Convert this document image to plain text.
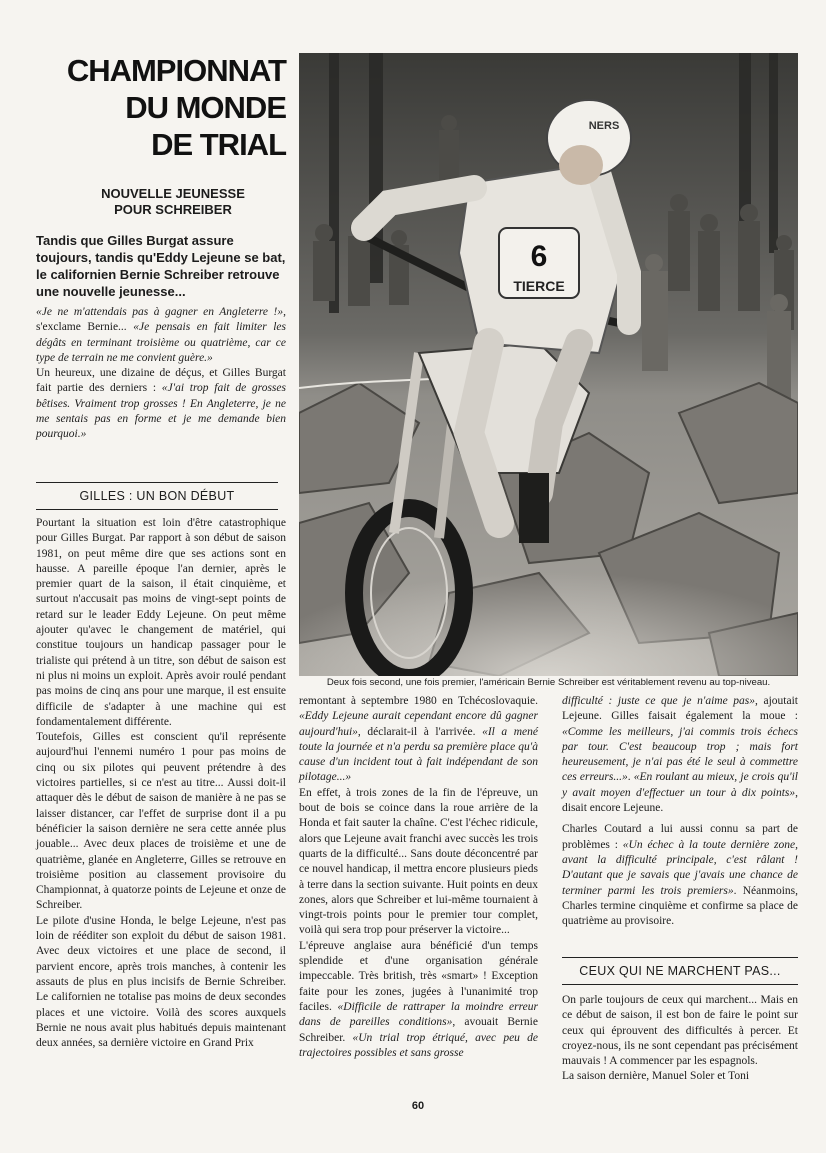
CHAMPIONNAT
DU MONDE
DE TRIAL
NOUVELLE JEUNESSE
POUR SCHREIBER
Tandis que Gilles Burgat assure toujours, tandis qu'Eddy Lejeune se bat, le californien Bernie Schreiber retrouve une nouvelle jeunesse...

«Je ne m'attendais pas à gagner en Angleterre !», s'exclame Bernie... «Je pensais en fait limiter les dégâts en terminant troisième ou quatrième, car ce type de terrain ne me convient guère.»

Un heureux, une dizaine de déçus, et Gilles Burgat fait partie des derniers : «J'ai trop fait de grosses bêtises. Vraiment trop grosses ! En Angleterre, je ne me sentais pas en forme et je me demande bien pourquoi.»

GILLES : UN BON DÉBUT

Pourtant la situation est loin d'être catastrophique pour Gilles Burgat. Par rapport à son début de saison 1981, on peut même dire que ses actions sont en hausse. A pareille époque l'an dernier, après le premier quart de la saison, il était cinquième, et surtout n'accusait pas moins de vingt-sept points de retard sur le leader Eddy Lejeune. On peut même ajouter qu'avec le changement de matériel, qui constitue toujours un handicap passager pour le trialiste qui prétend à un titre, son début de saison est ni plus ni moins un exploit. Après avoir roulé pendant pas moins de cinq ans pour une marque, il est ensuite difficile de s'adapter à une machine qui est fondamentalement différente.

Toutefois, Gilles est conscient qu'il représente aujourd'hui l'ennemi numéro 1 pour pas moins de cinq ou six pilotes qui peuvent prétendre à des victoires partielles, si ce n'est au titre... Aussi doit-il attaquer dès le début de saison de manière à ne pas se laisser distancer, car l'effet de surprise dont il a pu bénéficier la saison dernière ne sera cette année plus jouable... Avec deux places de troisième et une de quatrième, glanée en Angleterre, Gilles se retrouve en troisième position au classement provisoire du Championnat, à quatorze points de Lejeune et onze de Schreiber.

Le pilote d'usine Honda, le belge Lejeune, n'est pas loin de rééditer son exploit du début de saison 1981. Avec deux victoires et une place de second, il parvient encore, après trois manches, à contenir les assauts de plus en plus incisifs de Bernie Schreiber. Le californien ne totalise pas moins de deux secondes places et une victoire. Voilà des scores auxquels Bernie ne nous avait plus habitués depuis maintenant deux années, sa dernière victoire en Grand Prix

6
TIERCE
NERS
Deux fois second, une fois premier, l'américain Bernie Schreiber est véritablement revenu au top-niveau.

remontant à septembre 1980 en Tchécoslovaquie. «Eddy Lejeune aurait cependant encore dû gagner aujourd'hui», déclarait-il à l'arrivée. «Il a mené toute la journée et n'a perdu sa première place qu'à cause d'un incident tout à fait indépendant de son pilotage...»

En effet, à trois zones de la fin de l'épreuve, un bout de bois se coince dans la roue arrière de la Honda et fait sauter la chaîne. C'est l'échec ridicule, alors que Lejeune avait franchi avec succès les trois quarts de la difficulté... Sans doute déconcentré par ce nouvel handicap, il mettra encore plusieurs pieds à terre dans la section suivante. Huit points en deux zones, alors que Schreiber et lui-même tournaient à vingt-trois points pour le premier tour complet, voilà qui sera trop pour préserver la victoire...

L'épreuve anglaise aura bénéficié d'un temps splendide et d'une organisation générale impeccable. Très british, très «smart» ! Exception faite pour les zones, jugées à l'unanimité trop faciles. «Difficile de rattraper la moindre erreur dans de pareilles conditions», avouait Bernie Schreiber. «Un trial trop étriqué, avec peu de trajectoires possibles et sans grosse

difficulté : juste ce que je n'aime pas», ajoutait Lejeune. Gilles faisait également la moue : «Comme les meilleurs, j'ai commis trois échecs par tour. C'est beaucoup trop ; mais fort heureusement, je n'ai pas été le seul à commettre ces erreurs...». «En roulant au mieux, je crois qu'il y avait moyen d'effectuer un tour à dix points», disait encore Lejeune.

Charles Coutard a lui aussi connu sa part de problèmes : «Un échec à la toute dernière zone, avant la difficulté principale, c'est râlant ! D'autant que je savais que j'avais une chance de terminer parmi les trois premiers». Néanmoins, Charles termine cinquième et confirme sa place de quatrième au provisoire.

CEUX QUI NE MARCHENT PAS...

On parle toujours de ceux qui marchent... Mais en ce début de saison, il est bon de faire le point sur ceux qui éprouvent des difficultés à percer. Et croyez-nous, ils ne sont cependant pas précisément mauvais ! A commencer par les espagnols.

La saison dernière, Manuel Soler et Toni

60
